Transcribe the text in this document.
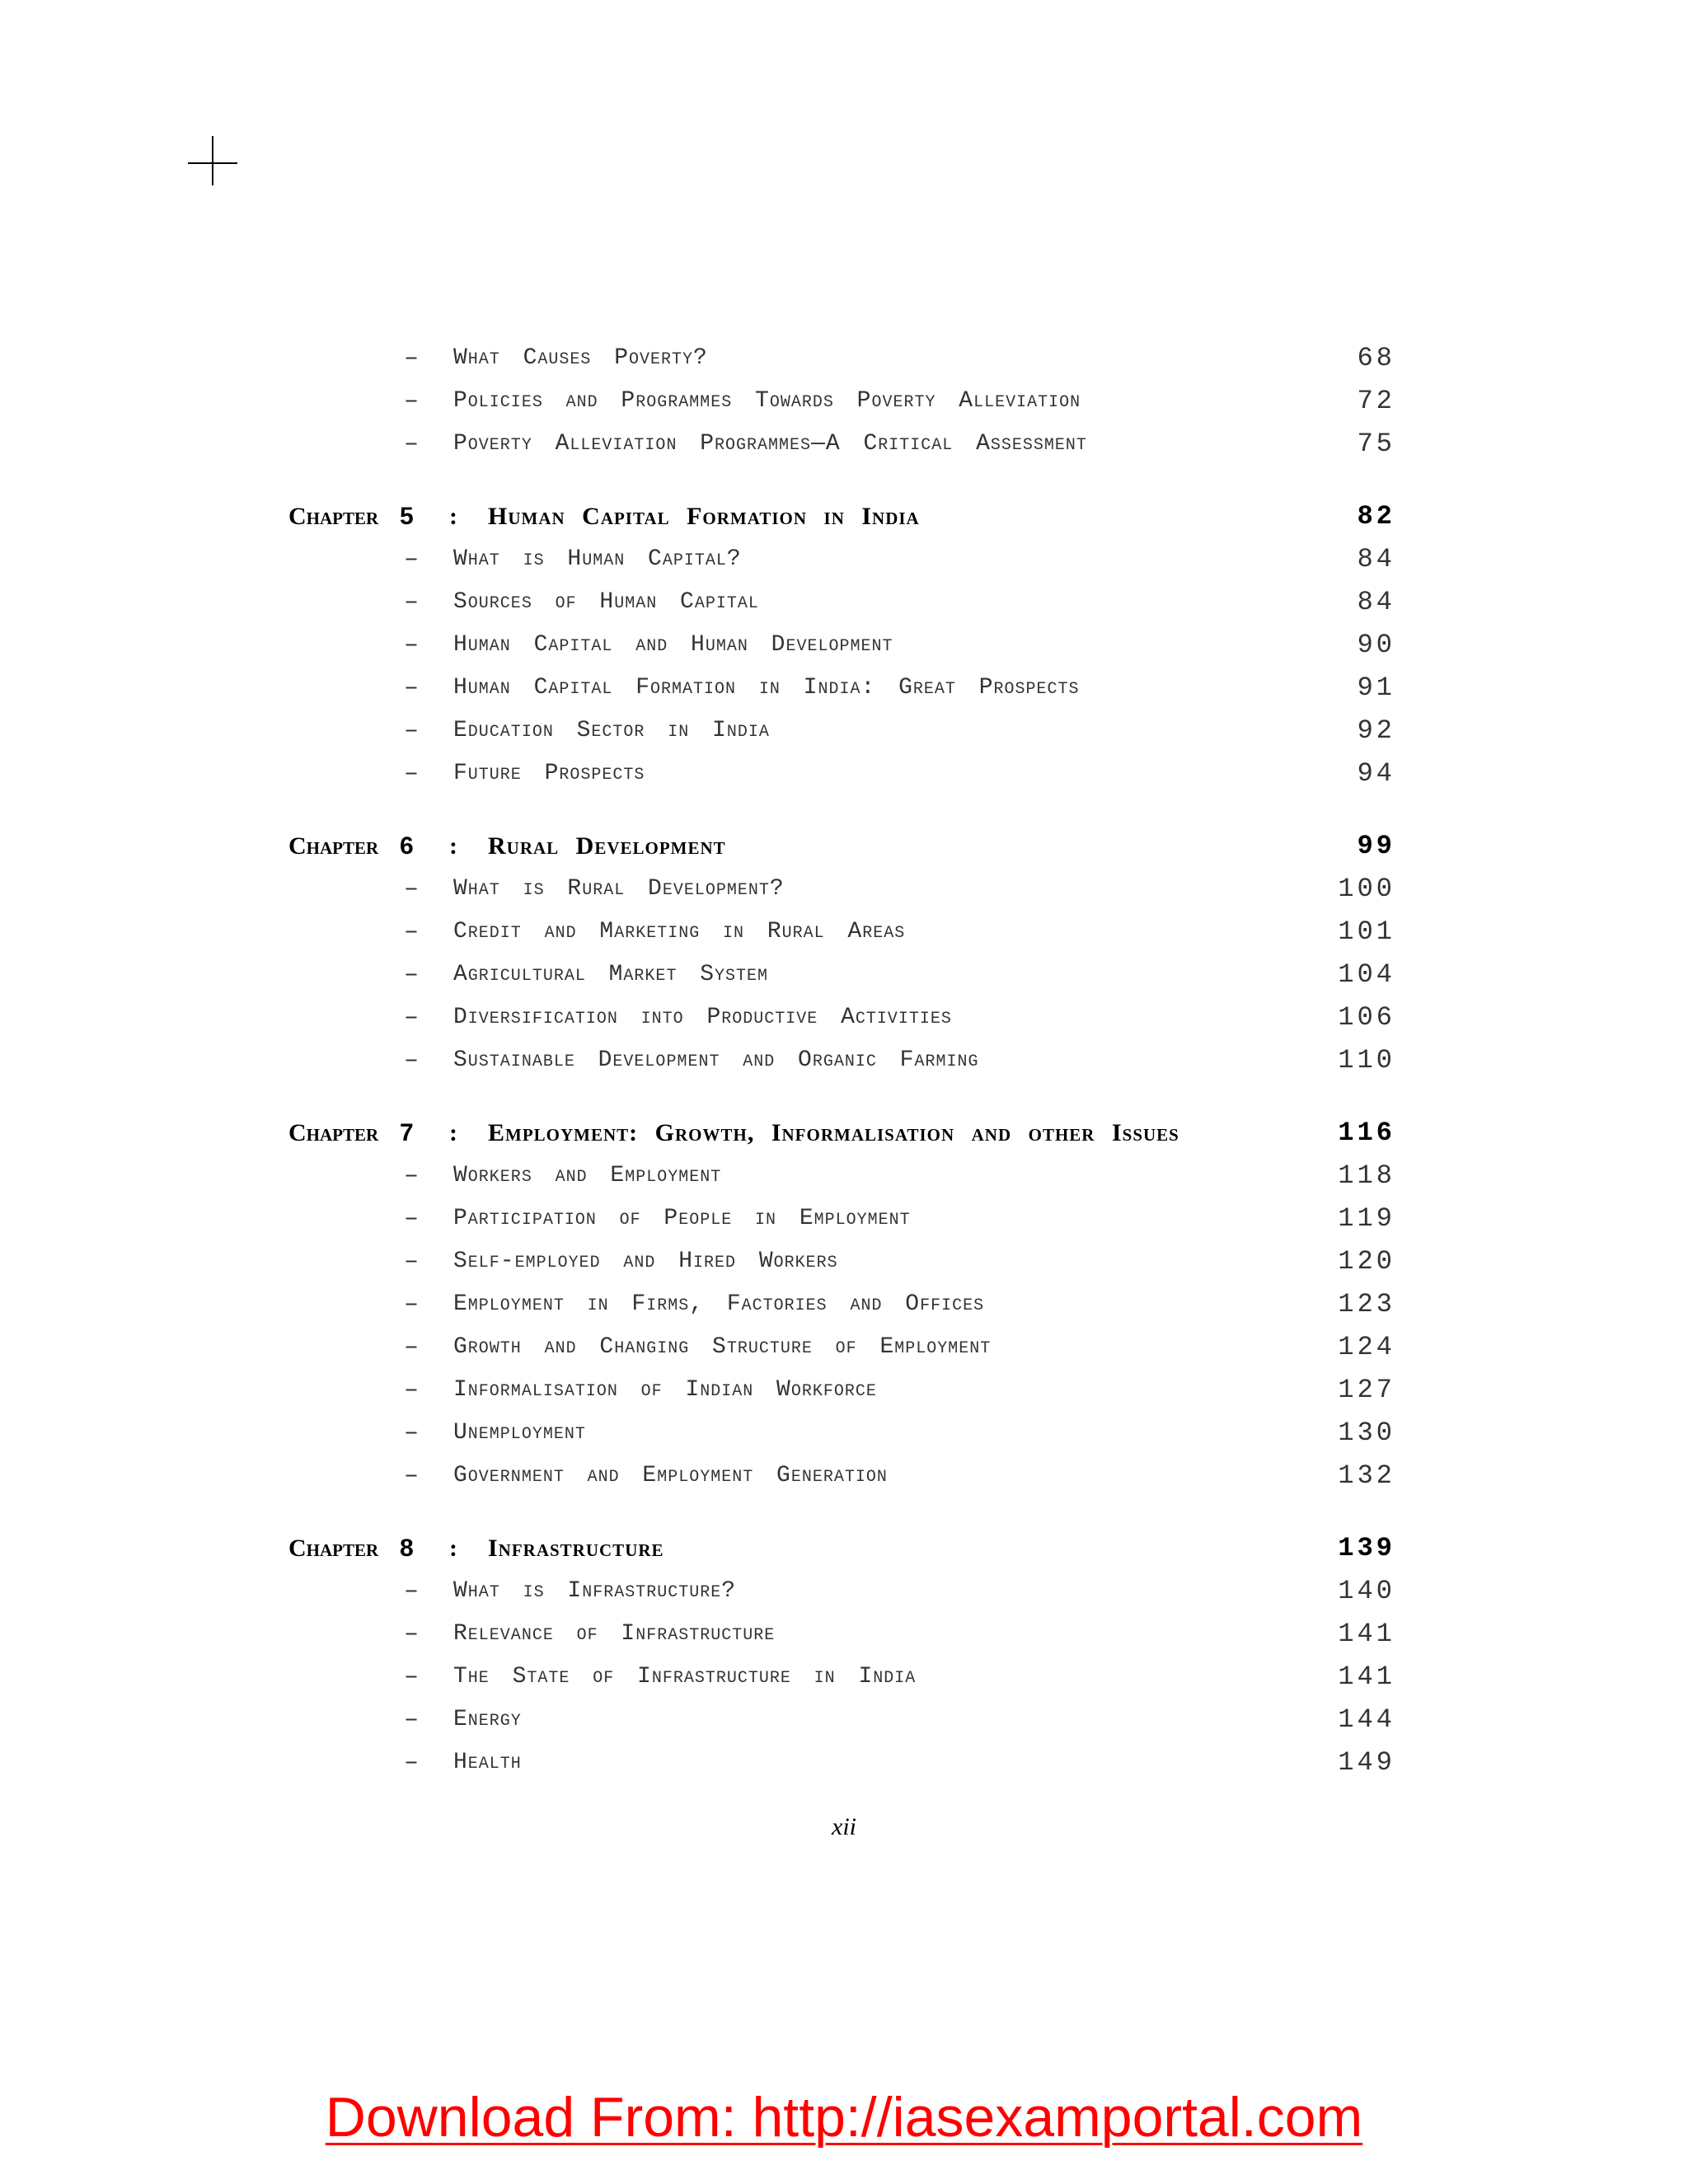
– What Causes Poverty?	68
– Policies and Programmes Towards Poverty Alleviation	72
– Poverty Alleviation Programmes—A Critical Assessment	75
Chapter 5 : Human Capital Formation in India	82
– What is Human Capital?	84
– Sources of Human Capital	84
– Human Capital and Human Development	90
– Human Capital Formation in India: Great Prospects	91
– Education Sector in India	92
– Future Prospects	94
Chapter 6 : Rural Development	99
– What is Rural Development?	100
– Credit and Marketing in Rural Areas	101
– Agricultural Market System	104
– Diversification into Productive Activities	106
– Sustainable Development and Organic Farming	110
Chapter 7 : Employment: Growth, Informalisation and other Issues	116
– Workers and Employment	118
– Participation of People in Employment	119
– Self-employed and Hired Workers	120
– Employment in Firms, Factories and Offices	123
– Growth and Changing Structure of Employment	124
– Informalisation of Indian Workforce	127
– Unemployment	130
– Government and Employment Generation	132
Chapter 8 : Infrastructure	139
– What is Infrastructure?	140
– Relevance of Infrastructure	141
– The State of Infrastructure in India	141
– Energy	144
– Health	149
xii
Download From: http://iasexamportal.com
